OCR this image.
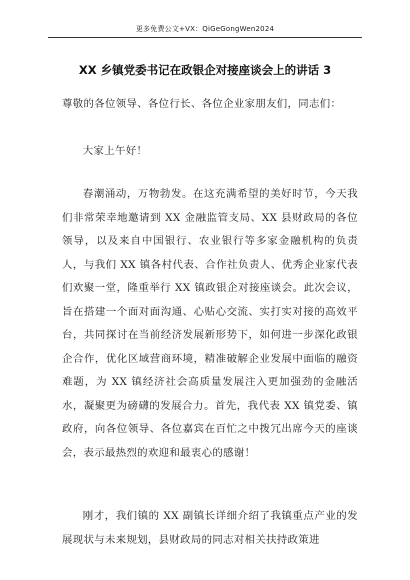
更多免费公文+VX：QiGeGongWen2024
XX 乡镇党委书记在政银企对接座谈会上的讲话 3

尊敬的各位领导、各位行长、各位企业家朋友们，同志们：

大家上午好！

春潮涌动，万物勃发。在这充满希望的美好时节，今天我们非常荣幸地邀请到 XX 金融监管支局、XX 县财政局的各位领导，以及来自中国银行、农业银行等多家金融机构的负责人，与我们 XX 镇各村代表、合作社负责人、优秀企业家代表们欢聚一堂，隆重举行 XX 镇政银企对接座谈会。此次会议，旨在搭建一个面对面沟通、心贴心交流、实打实对接的高效平台，共同探讨在当前经济发展新形势下，如何进一步深化政银企合作，优化区域营商环境，精准破解企业发展中面临的融资难题，为 XX 镇经济社会高质量发展注入更加强劲的金融活水，凝聚更为磅礴的发展合力。首先，我代表 XX 镇党委、镇政府，向各位领导、各位嘉宾在百忙之中拨冗出席今天的座谈会，表示最热烈的欢迎和最衷心的感谢！

刚才，我们镇的 XX 副镇长详细介绍了我镇重点产业的发展现状与未来规划，县财政局的同志对相关扶持政策进
